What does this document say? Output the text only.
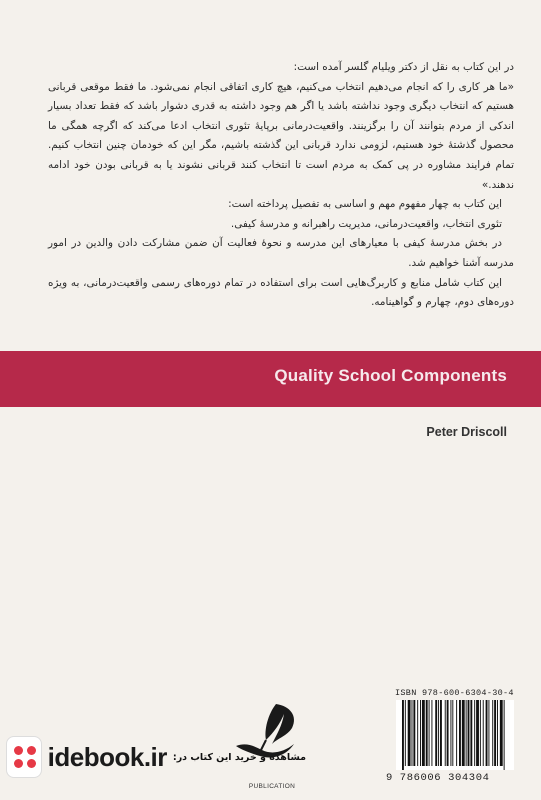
در این کتاب به نقل از دکتر ویلیام گلسر آمده است:

«ما هر کاری را که انجام می‌دهیم انتخاب می‌کنیم، هیچ کاری اتفاقی انجام نمی‌شود. ما فقط موقعی قربانی هستیم که انتخاب دیگری وجود نداشته باشد یا اگر هم وجود داشته به قدری دشوار باشد که فقط تعداد بسیار اندکی از مردم بتوانند آن را برگزینند. واقعیت‌درمانی برپایهٔ تئوری انتخاب ادعا می‌کند که اگرچه همگی ما محصول گذشتهٔ خود هستیم، لزومی ندارد قربانی این گذشته باشیم، مگر این که خودمان چنین انتخاب کنیم. تمام فرایند مشاوره در پی کمک به مردم است تا انتخاب کنند قربانی نشوند یا به قربانی بودن خود ادامه ندهند.»

این کتاب به چهار مفهوم مهم و اساسی به تفصیل پرداخته است:

تئوری انتخاب، واقعیت‌درمانی، مدیریت راهبرانه و مدرسهٔ کیفی.

در بخش مدرسهٔ کیفی با معیارهای این مدرسه و نحوهٔ فعالیت آن ضمن مشارکت دادن والدین در امور مدرسه آشنا خواهیم شد.

این کتاب شامل منابع و کاربرگ‌هایی است برای استفاده در تمام دوره‌های رسمی واقعیت‌درمانی، به ویژه دوره‌های دوم، چهارم و گواهینامه.

Quality School Components
Peter Driscoll
PUBLICATION
ISBN 978-600-6304-30-4
9 786006 304304
idebook.ir مشاهده و خرید این کتاب در:
